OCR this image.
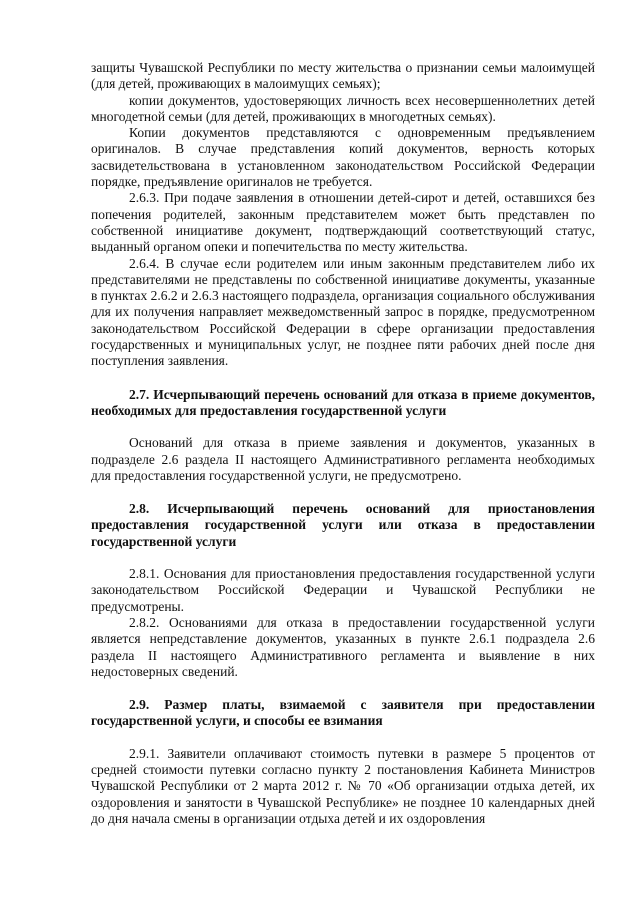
защиты Чувашской Республики по месту жительства о признании семьи малоимущей (для детей, проживающих в малоимущих семьях);

копии документов, удостоверяющих личность всех несовершеннолетних детей многодетной семьи (для детей, проживающих в многодетных семьях).

Копии документов представляются с одновременным предъявлением оригиналов. В случае представления копий документов, верность которых засвидетельствована в установленном законодательством Российской Федерации порядке, предъявление оригиналов не требуется.

2.6.3. При подаче заявления в отношении детей-сирот и детей, оставшихся без попечения родителей, законным представителем может быть представлен по собственной инициативе документ, подтверждающий соответствующий статус, выданный органом опеки и попечительства по месту жительства.

2.6.4. В случае если родителем или иным законным представителем либо их представителями не представлены по собственной инициативе документы, указанные в пунктах 2.6.2 и 2.6.3 настоящего подраздела, организация социального обслуживания для их получения направляет межведомственный запрос в порядке, предусмотренном законодательством Российской Федерации в сфере организации предоставления государственных и муниципальных услуг, не позднее пяти рабочих дней после дня поступления заявления.

2.7. Исчерпывающий перечень оснований для отказа в приеме документов, необходимых для предоставления государственной услуги

Оснований для отказа в приеме заявления и документов, указанных в подразделе 2.6 раздела II настоящего Административного регламента необходимых для предоставления государственной услуги, не предусмотрено.

2.8. Исчерпывающий перечень оснований для приостановления предоставления государственной услуги или отказа в предоставлении государственной услуги

2.8.1. Основания для приостановления предоставления государственной услуги законодательством Российской Федерации и Чувашской Республики не предусмотрены.

2.8.2. Основаниями для отказа в предоставлении государственной услуги является непредставление документов, указанных в пункте 2.6.1 подраздела 2.6 раздела II настоящего Административного регламента и выявление в них недостоверных сведений.

2.9. Размер платы, взимаемой с заявителя при предоставлении государственной услуги, и способы ее взимания

2.9.1. Заявители оплачивают стоимость путевки в размере 5 процентов от средней стоимости путевки согласно пункту 2 постановления Кабинета Министров Чувашской Республики от 2 марта 2012 г. № 70 «Об организации отдыха детей, их оздоровления и занятости в Чувашской Республике» не позднее 10 календарных дней до дня начала смены в организации отдыха детей и их оздоровления
